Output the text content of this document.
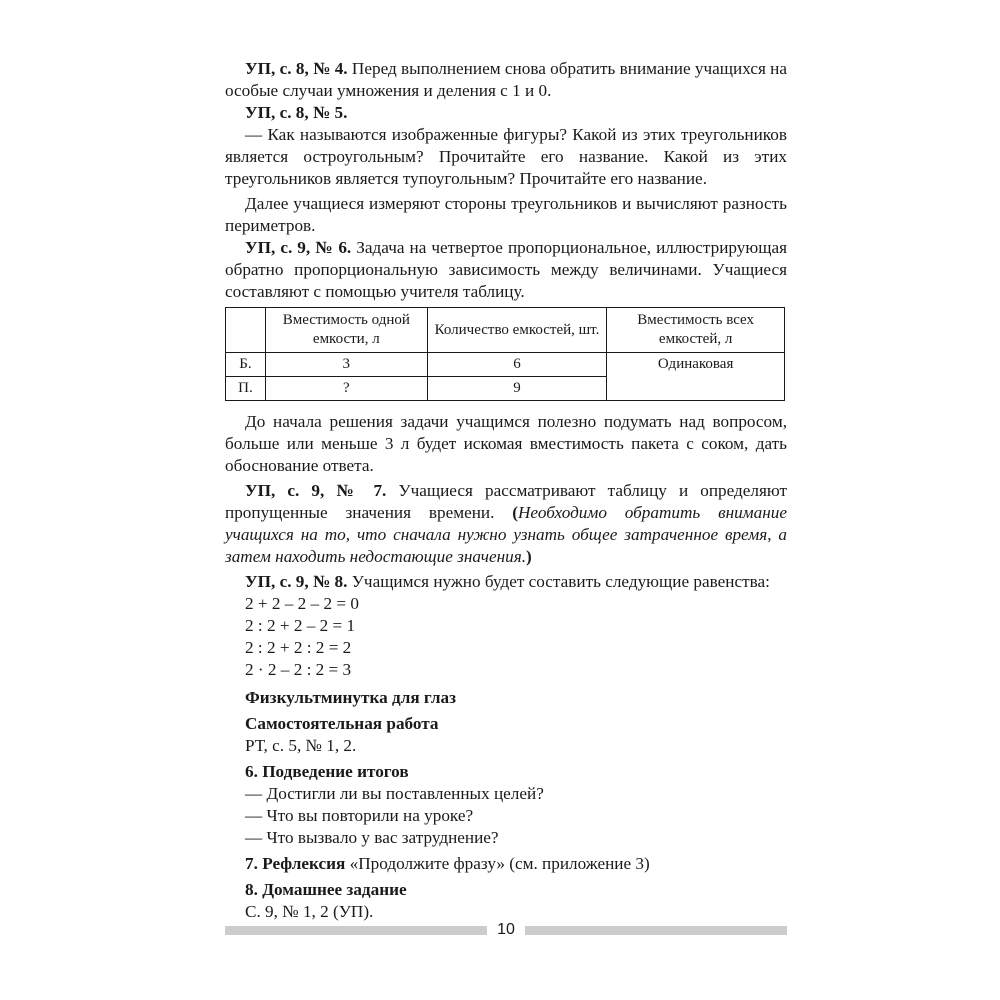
УП, с. 8, № 4. Перед выполнением снова обратить внимание учащихся на особые случаи умножения и деления с 1 и 0.

УП, с. 8, № 5.

— Как называются изображенные фигуры? Какой из этих треугольников является остроугольным? Прочитайте его название. Какой из этих треугольников является тупоугольным? Прочитайте его название.

Далее учащиеся измеряют стороны треугольников и вычисляют разность периметров.

УП, с. 9, № 6. Задача на четвертое пропорциональное, иллюстрирующая обратно пропорциональную зависимость между величинами. Учащиеся составляют с помощью учителя таблицу.

	Вместимость одной емкости, л	Количество емкостей, шт.	Вместимость всех емкостей, л
Б.	3	6	Одинаковая
П.	?	9	

До начала решения задачи учащимся полезно подумать над вопросом, больше или меньше 3 л будет искомая вместимость пакета с соком, дать обоснование ответа.

УП, с. 9, № 7. Учащиеся рассматривают таблицу и определяют пропущенные значения времени. (Необходимо обратить внимание учащихся на то, что сначала нужно узнать общее затраченное время, а затем находить недостающие значения.)

УП, с. 9, № 8. Учащимся нужно будет составить следующие равенства:

2 + 2 – 2 – 2 = 0
2 : 2 + 2 – 2 = 1
2 : 2 + 2 : 2 = 2
2 · 2 – 2 : 2 = 3
Физкультминутка для глаз
Самостоятельная работа
РТ, с. 5, № 1, 2.
6. Подведение итогов
— Достигли ли вы поставленных целей?
— Что вы повторили на уроке?
— Что вызвало у вас затруднение?
7. Рефлексия «Продолжите фразу» (см. приложение 3)
8. Домашнее задание
С. 9, № 1, 2 (УП).
10
